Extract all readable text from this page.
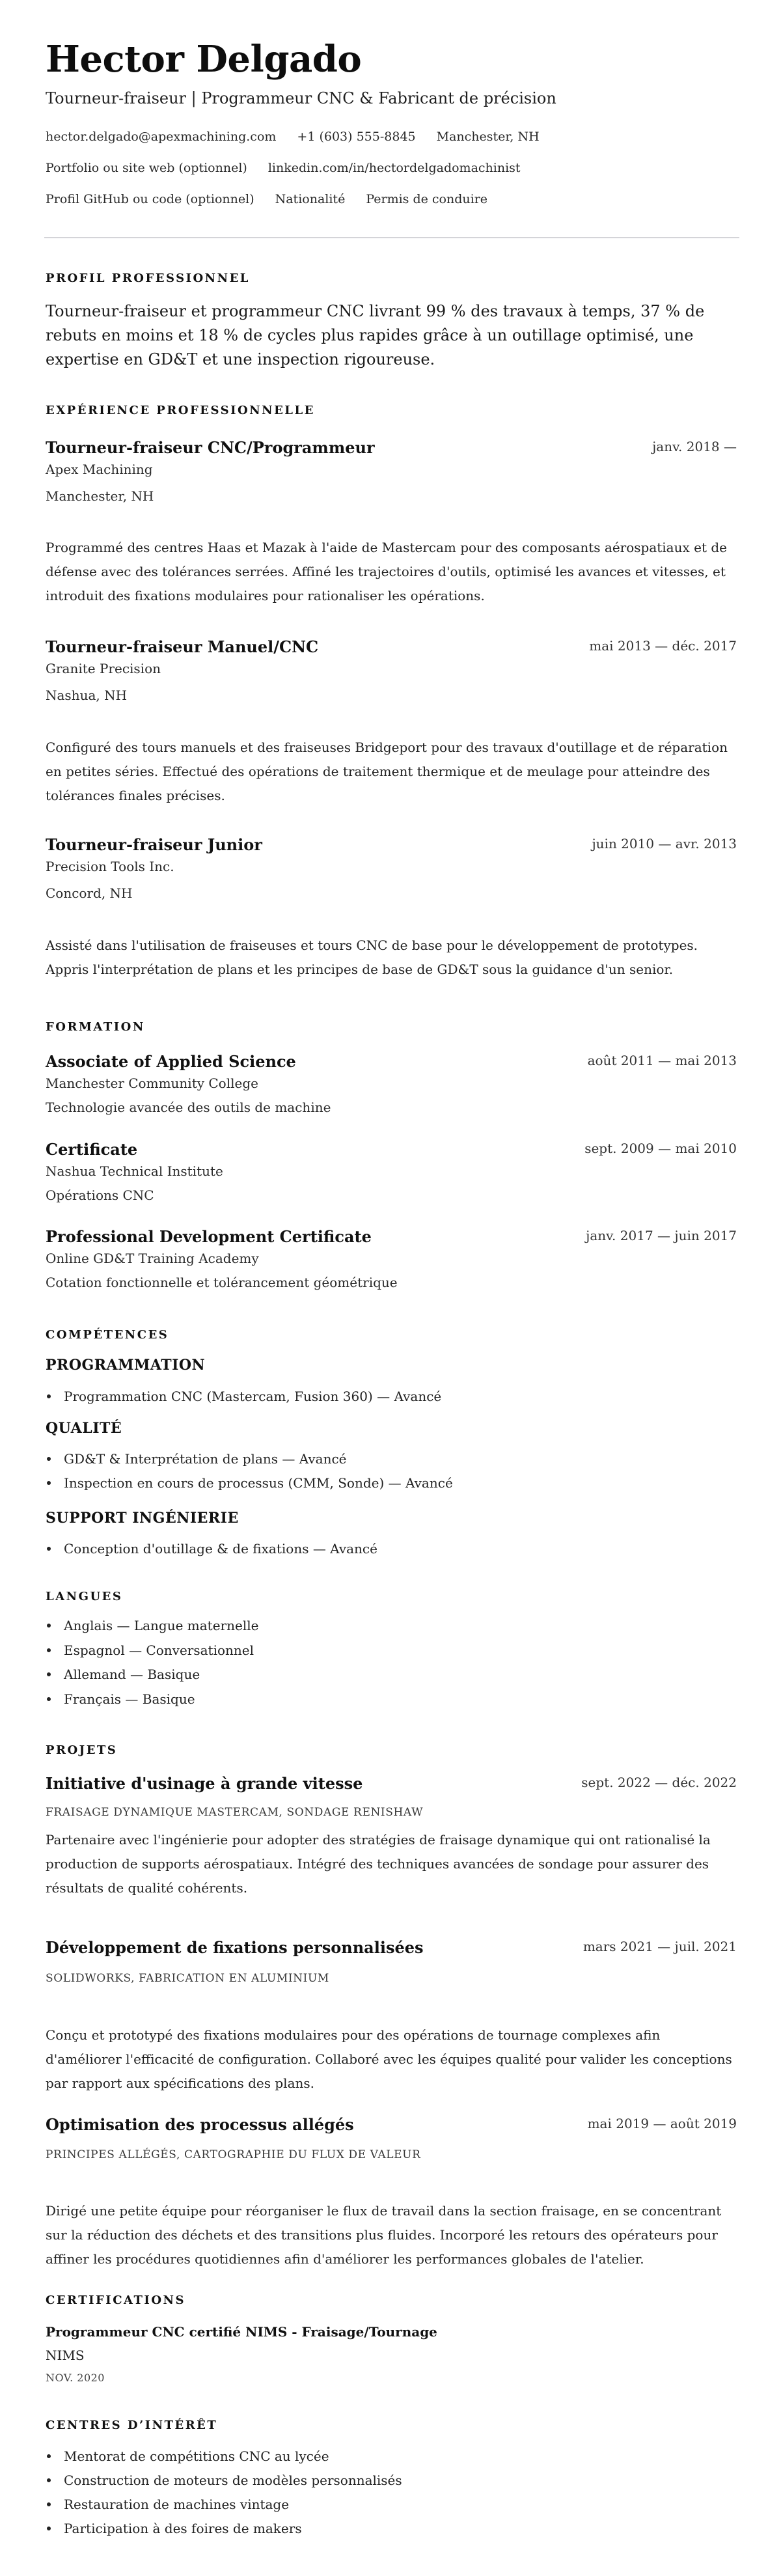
Hector Delgado
Tourneur-fraiseur | Programmeur CNC & Fabricant de précision
hector.delgado@apexmachining.com +1 (603) 555-8845 Manchester, NH
Portfolio ou site web (optionnel) linkedin.com/in/hectordelgadomachinist
Profil GitHub ou code (optionnel) Nationalité Permis de conduire
PROFIL PROFESSIONNEL
Tourneur-fraiseur et programmeur CNC livrant 99 % des travaux à temps, 37 % de rebuts en moins et 18 % de cycles plus rapides grâce à un outillage optimisé, une expertise en GD&T et une inspection rigoureuse.
EXPÉRIENCE PROFESSIONNELLE
Tourneur-fraiseur CNC/Programmeur	janv. 2018 —
Apex Machining
Manchester, NH
Programmé des centres Haas et Mazak à l'aide de Mastercam pour des composants aérospatiaux et de défense avec des tolérances serrées. Affiné les trajectoires d'outils, optimisé les avances et vitesses, et introduit des fixations modulaires pour rationaliser les opérations.
Tourneur-fraiseur Manuel/CNC	mai 2013 — déc. 2017
Granite Precision
Nashua, NH
Configuré des tours manuels et des fraiseuses Bridgeport pour des travaux d'outillage et de réparation en petites séries. Effectué des opérations de traitement thermique et de meulage pour atteindre des tolérances finales précises.
Tourneur-fraiseur Junior	juin 2010 — avr. 2013
Precision Tools Inc.
Concord, NH
Assisté dans l'utilisation de fraiseuses et tours CNC de base pour le développement de prototypes. Appris l'interprétation de plans et les principes de base de GD&T sous la guidance d'un senior.
FORMATION
Associate of Applied Science	août 2011 — mai 2013
Manchester Community College
Technologie avancée des outils de machine
Certificate	sept. 2009 — mai 2010
Nashua Technical Institute
Opérations CNC
Professional Development Certificate	janv. 2017 — juin 2017
Online GD&T Training Academy
Cotation fonctionnelle et tolérancement géométrique
COMPÉTENCES
PROGRAMMATION
Programmation CNC (Mastercam, Fusion 360) — Avancé
QUALITÉ
GD&T & Interprétation de plans — Avancé
Inspection en cours de processus (CMM, Sonde) — Avancé
SUPPORT INGÉNIERIE
Conception d'outillage & de fixations — Avancé
LANGUES
Anglais — Langue maternelle
Espagnol — Conversationnel
Allemand — Basique
Français — Basique
PROJETS
Initiative d'usinage à grande vitesse	sept. 2022 — déc. 2022
FRAISAGE DYNAMIQUE MASTERCAM, SONDAGE RENISHAW
Partenaire avec l'ingénierie pour adopter des stratégies de fraisage dynamique qui ont rationalisé la production de supports aérospatiaux. Intégré des techniques avancées de sondage pour assurer des résultats de qualité cohérents.
Développement de fixations personnalisées	mars 2021 — juil. 2021
SOLIDWORKS, FABRICATION EN ALUMINIUM
Conçu et prototypé des fixations modulaires pour des opérations de tournage complexes afin d'améliorer l'efficacité de configuration. Collaboré avec les équipes qualité pour valider les conceptions par rapport aux spécifications des plans.
Optimisation des processus allégés	mai 2019 — août 2019
PRINCIPES ALLÉGÉS, CARTOGRAPHIE DU FLUX DE VALEUR
Dirigé une petite équipe pour réorganiser le flux de travail dans la section fraisage, en se concentrant sur la réduction des déchets et des transitions plus fluides. Incorporé les retours des opérateurs pour affiner les procédures quotidiennes afin d'améliorer les performances globales de l'atelier.
CERTIFICATIONS
Programmeur CNC certifié NIMS - Fraisage/Tournage
NIMS
NOV. 2020
CENTRES D’INTÉRÊT
Mentorat de compétitions CNC au lycée
Construction de moteurs de modèles personnalisés
Restauration de machines vintage
Participation à des foires de makers
